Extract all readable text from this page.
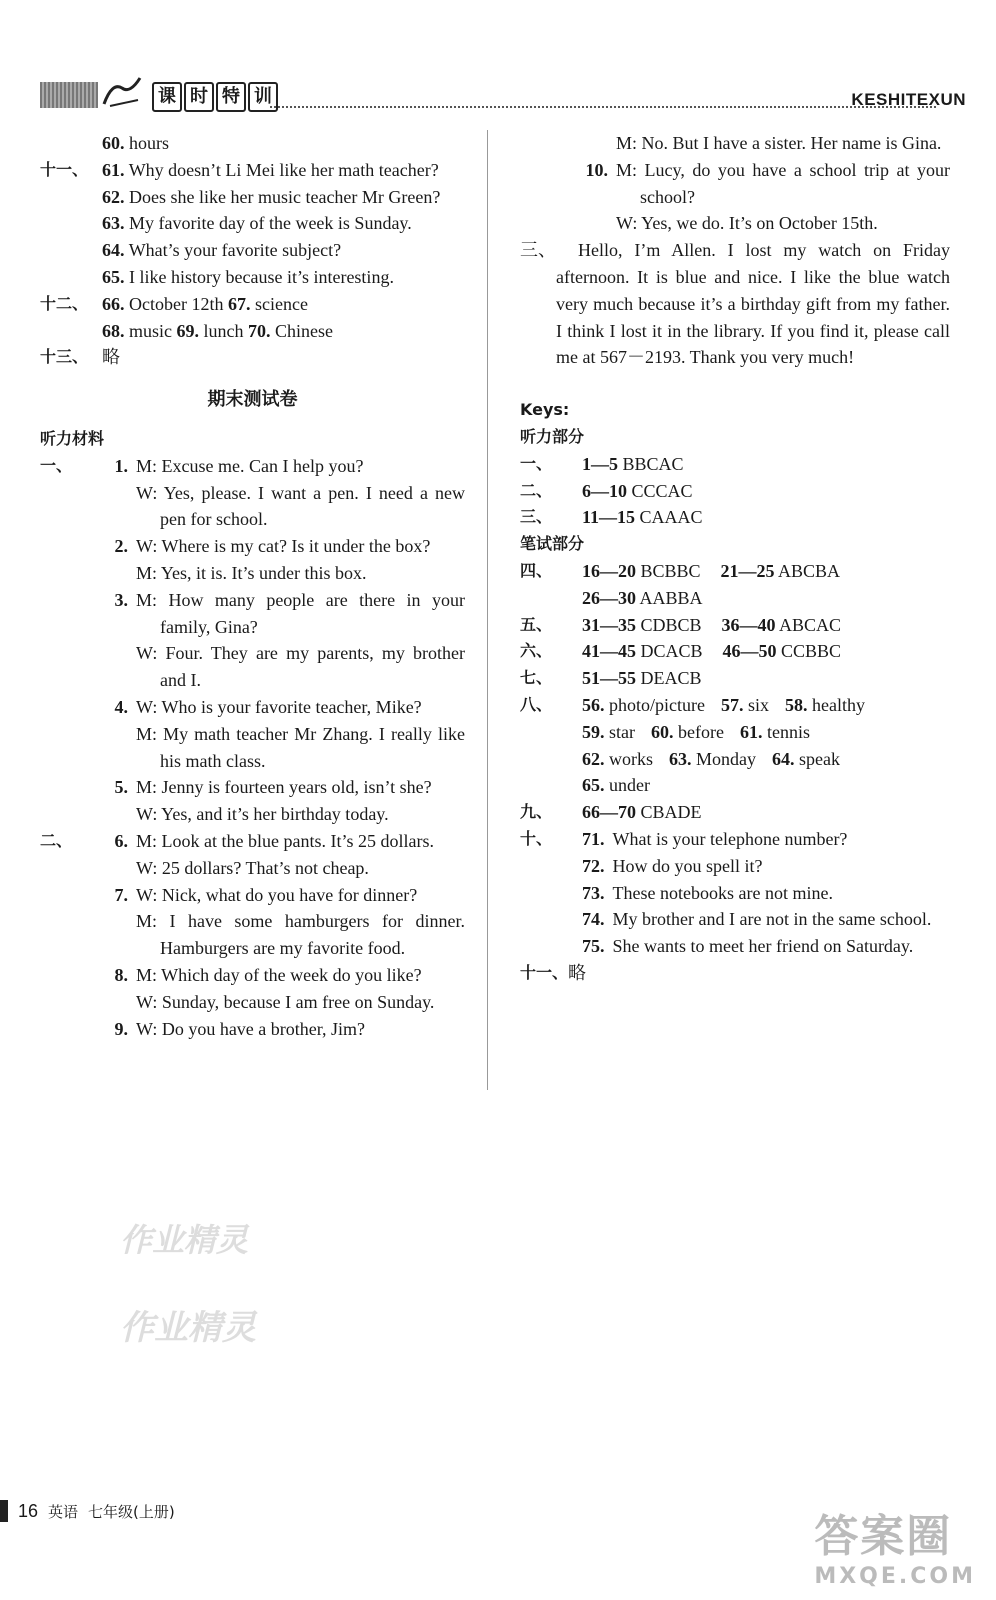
课 时 特 训	KESHITEXUN
60. hours
十一、 61. Why doesn’t Li Mei like her math teacher?
62. Does she like her music teacher Mr Green?
63. My favorite day of the week is Sunday.
64. What’s your favorite subject?
65. I like history because it’s interesting.
十二、 66. October 12th 67. science
68. music 69. lunch 70. Chinese
十三、 略
期末测试卷
听力材料
一、	1. M: Excuse me. Can I help you?
W: Yes, please. I want a pen. I need a new pen for school.
2. W: Where is my cat? Is it under the box?
M: Yes, it is. It’s under this box.
3. M: How many people are there in your family, Gina?
W: Four. They are my parents, my brother and I.
4. W: Who is your favorite teacher, Mike?
M: My math teacher Mr Zhang. I really like his math class.
5. M: Jenny is fourteen years old, isn’t she?
W: Yes, and it’s her birthday today.
二、	6. M: Look at the blue pants. It’s 25 dollars.
W: 25 dollars? That’s not cheap.
7. W: Nick, what do you have for dinner?
M: I have some hamburgers for dinner. Hamburgers are my favorite food.
8. M: Which day of the week do you like?
W: Sunday, because I am free on Sunday.
9. W: Do you have a brother, Jim?
M: No. But I have a sister. Her name is Gina.
10. M: Lucy, do you have a school trip at your school?
W: Yes, we do. It’s on October 15th.
三、	Hello, I’m Allen. I lost my watch on Friday afternoon. It is blue and nice. I like the blue watch very much because it’s a birthday gift from my father. I think I lost it in the library. If you find it, please call me at 567－2193. Thank you very much!
Keys:
听力部分
一、	1—5 BBCAC
二、	6—10 CCCAC
三、	11—15 CAAAC
笔试部分
四、	16—20 BCBBC 21—25 ABCBA
26—30 AABBA
五、	31—35 CDBCB 36—40 ABCAC
六、	41—45 DCACB 46—50 CCBBC
七、	51—55 DEACB
八、	56. photo/picture 57. six 58. healthy
59. star 60. before 61. tennis
62. works 63. Monday 64. speak
65. under
九、	66—70 CBADE
十、	71. What is your telephone number?
72. How do you spell it?
73. These notebooks are not mine.
74. My brother and I are not in the same school.
75. She wants to meet her friend on Saturday.
十一、 略
作业精灵
作业精灵
答案圈
MXQE.COM
16 英语 七年级(上册)
